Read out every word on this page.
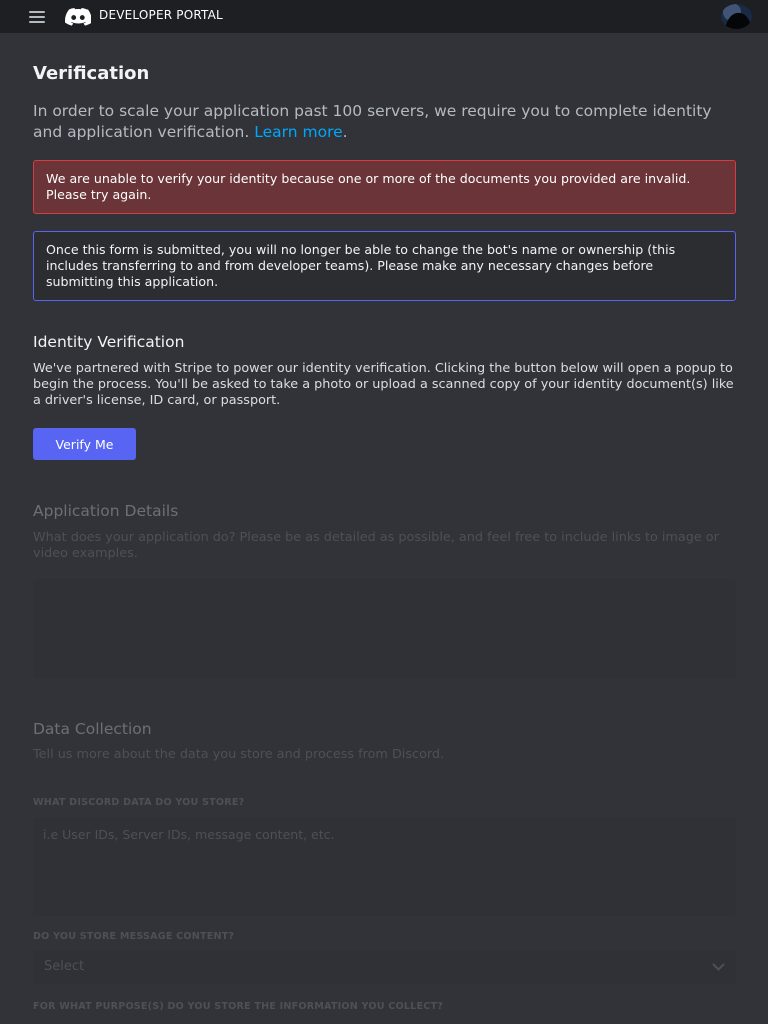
DEVELOPER PORTAL
Verification

In order to scale your application past 100 servers, we require you to complete identity and application verification. Learn more.

We are unable to verify your identity because one or more of the documents you provided are invalid. Please try again.
Once this form is submitted, you will no longer be able to change the bot's name or ownership (this includes transferring to and from developer teams). Please make any necessary changes before submitting this application.
Identity Verification
We've partnered with Stripe to power our identity verification. Clicking the button below will open a popup to begin the process. You'll be asked to take a photo or upload a scanned copy of your identity document(s) like a driver's license, ID card, or passport.
Verify Me
Application Details
What does your application do? Please be as detailed as possible, and feel free to include links to image or video examples.
Data Collection
Tell us more about the data you store and process from Discord.
WHAT DISCORD DATA DO YOU STORE?
i.e User IDs, Server IDs, message content, etc.
DO YOU STORE MESSAGE CONTENT?
Select
FOR WHAT PURPOSE(S) DO YOU STORE THE INFORMATION YOU COLLECT?
